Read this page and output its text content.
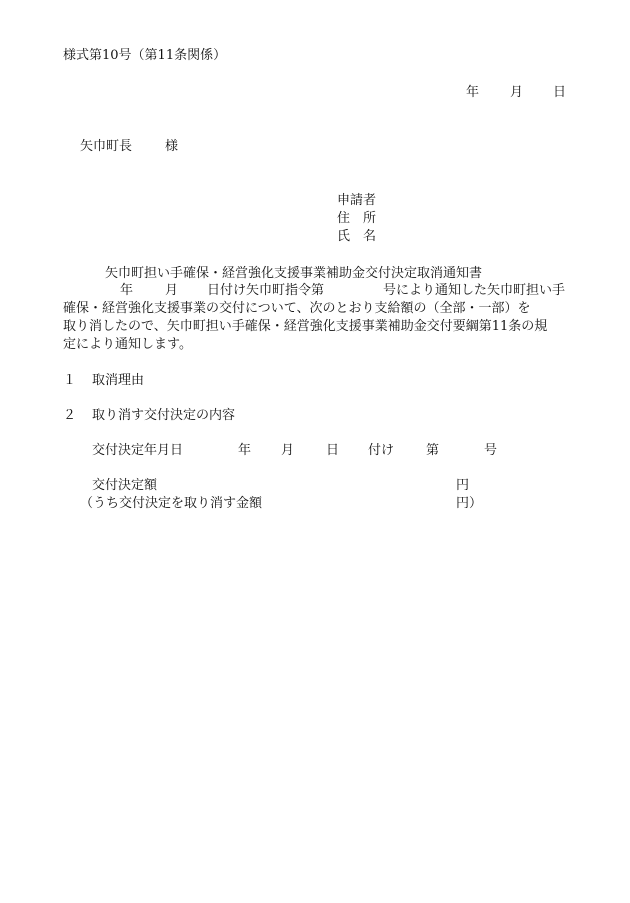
様式第10号（第11条関係）
年 月 日
矢巾町長	様
申請者
住　所
氏　名
矢巾町担い手確保・経営強化支援事業補助金交付決定取消通知書
年 月 日付け矢巾町指令第	号により通知した矢巾町担い手
確保・経営強化支援事業の交付について、次のとおり支給額の（全部・一部）を
取り消したので、矢巾町担い手確保・経営強化支援事業補助金交付要綱第11条の規
定により通知します。
１ 取消理由
２ 取り消す交付決定の内容
交付決定年月日	年 月 日 付け 第	号
交付決定額	円
（うち交付決定を取り消す金額	円）
